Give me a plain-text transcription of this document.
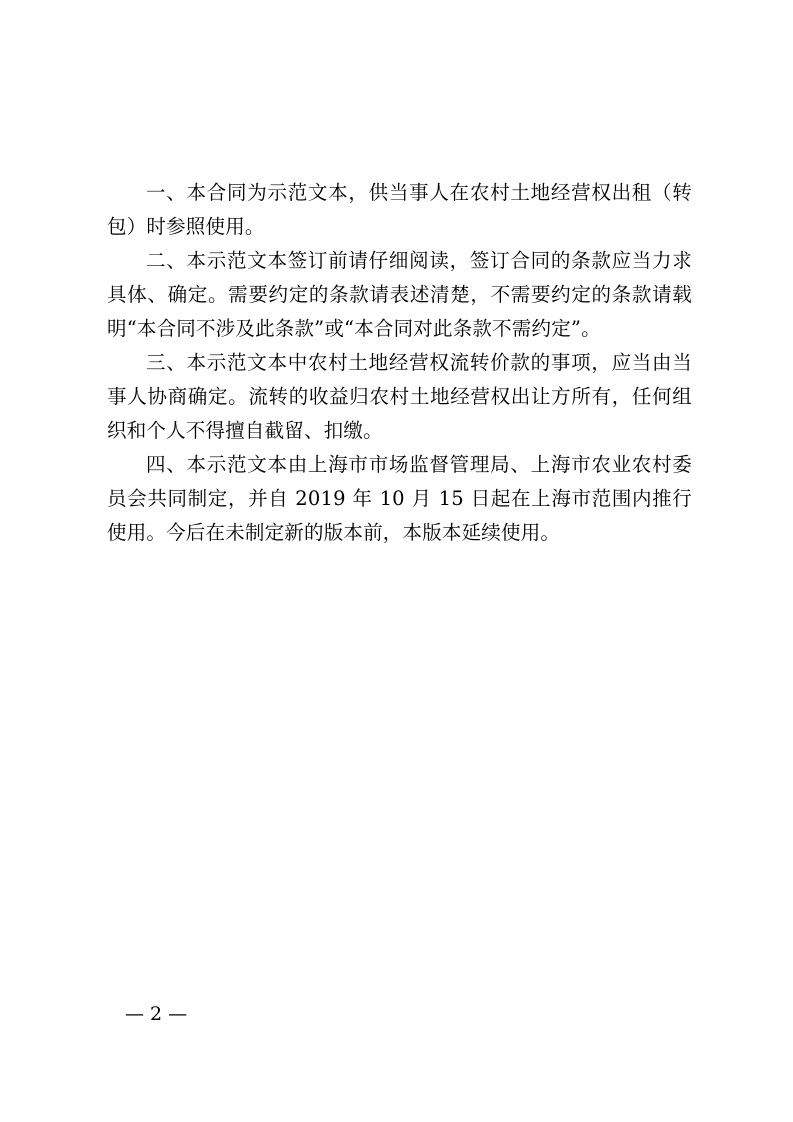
一、本合同为示范文本，供当事人在农村土地经营权出租（转包）时参照使用。

二、本示范文本签订前请仔细阅读，签订合同的条款应当力求具体、确定。需要约定的条款请表述清楚，不需要约定的条款请载明“本合同不涉及此条款”或“本合同对此条款不需约定”。

三、本示范文本中农村土地经营权流转价款的事项，应当由当事人协商确定。流转的收益归农村土地经营权出让方所有，任何组织和个人不得擅自截留、扣缴。

四、本示范文本由上海市市场监督管理局、上海市农业农村委员会共同制定，并自 2019 年 10 月 15 日起在上海市范围内推行使用。今后在未制定新的版本前，本版本延续使用。

— 2 —
